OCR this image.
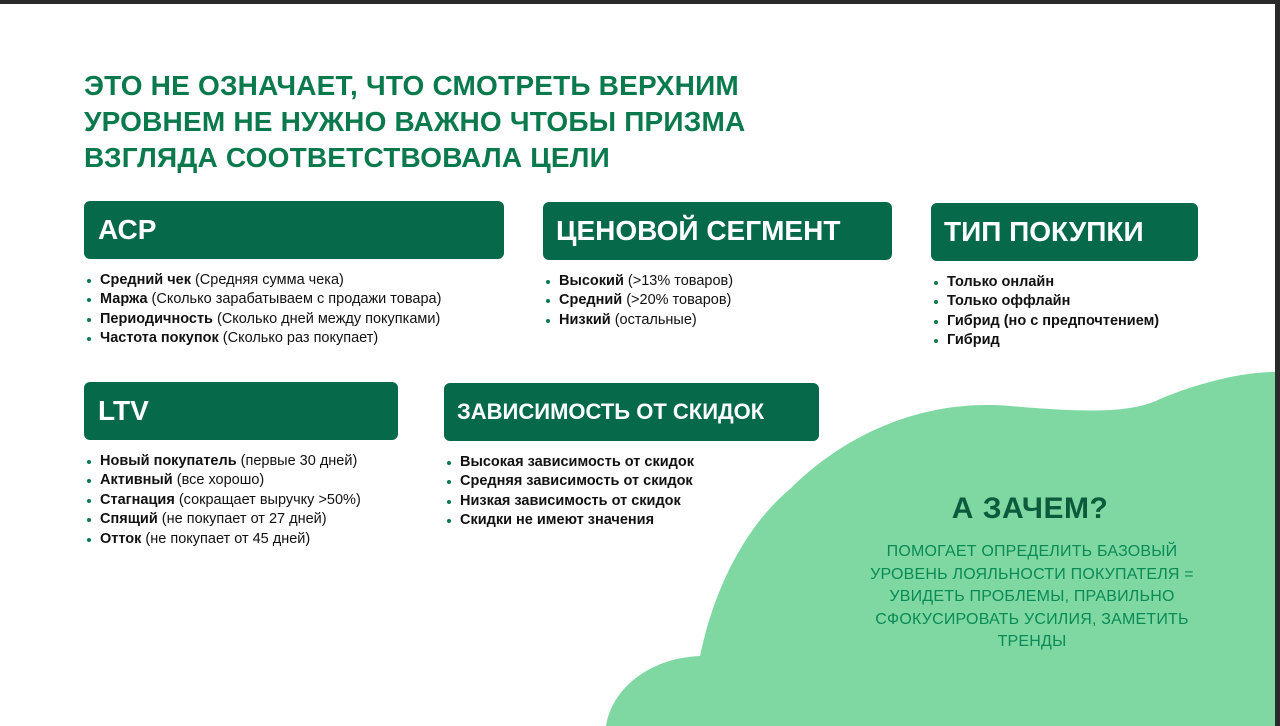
ЭТО НЕ ОЗНАЧАЕТ, ЧТО СМОТРЕТЬ ВЕРХНИМ
УРОВНЕМ НЕ НУЖНО ВАЖНО ЧТОБЫ ПРИЗМА
ВЗГЛЯДА СООТВЕТСТВОВАЛА ЦЕЛИ
АСР
Средний чек (Средняя сумма чека)
Маржа (Сколько зарабатываем с продажи товара)
Периодичность (Сколько дней между покупками)
Частота покупок (Сколько раз покупает)
ЦЕНОВОЙ СЕГМЕНТ
Высокий (>13% товаров)
Средний (>20% товаров)
Низкий (остальные)
ТИП ПОКУПКИ
Только онлайн
Только оффлайн
Гибрид (но с предпочтением)
Гибрид
LTV
Новый покупатель (первые 30 дней)
Активный (все хорошо)
Стагнация (сокращает выручку >50%)
Спящий (не покупает от 27 дней)
Отток (не покупает от 45 дней)
ЗАВИСИМОСТЬ ОТ СКИДОК
Высокая зависимость от скидок
Средняя зависимость от скидок
Низкая зависимость от скидок
Скидки не имеют значения	А ЗАЧЕМ?

ПОМОГАЕТ ОПРЕДЕЛИТЬ БАЗОВЫЙ
УРОВЕНЬ ЛОЯЛЬНОСТИ ПОКУПАТЕЛЯ =
УВИДЕТЬ ПРОБЛЕМЫ, ПРАВИЛЬНО
СФОКУСИРОВАТЬ УСИЛИЯ, ЗАМЕТИТЬ
ТРЕНДЫ
